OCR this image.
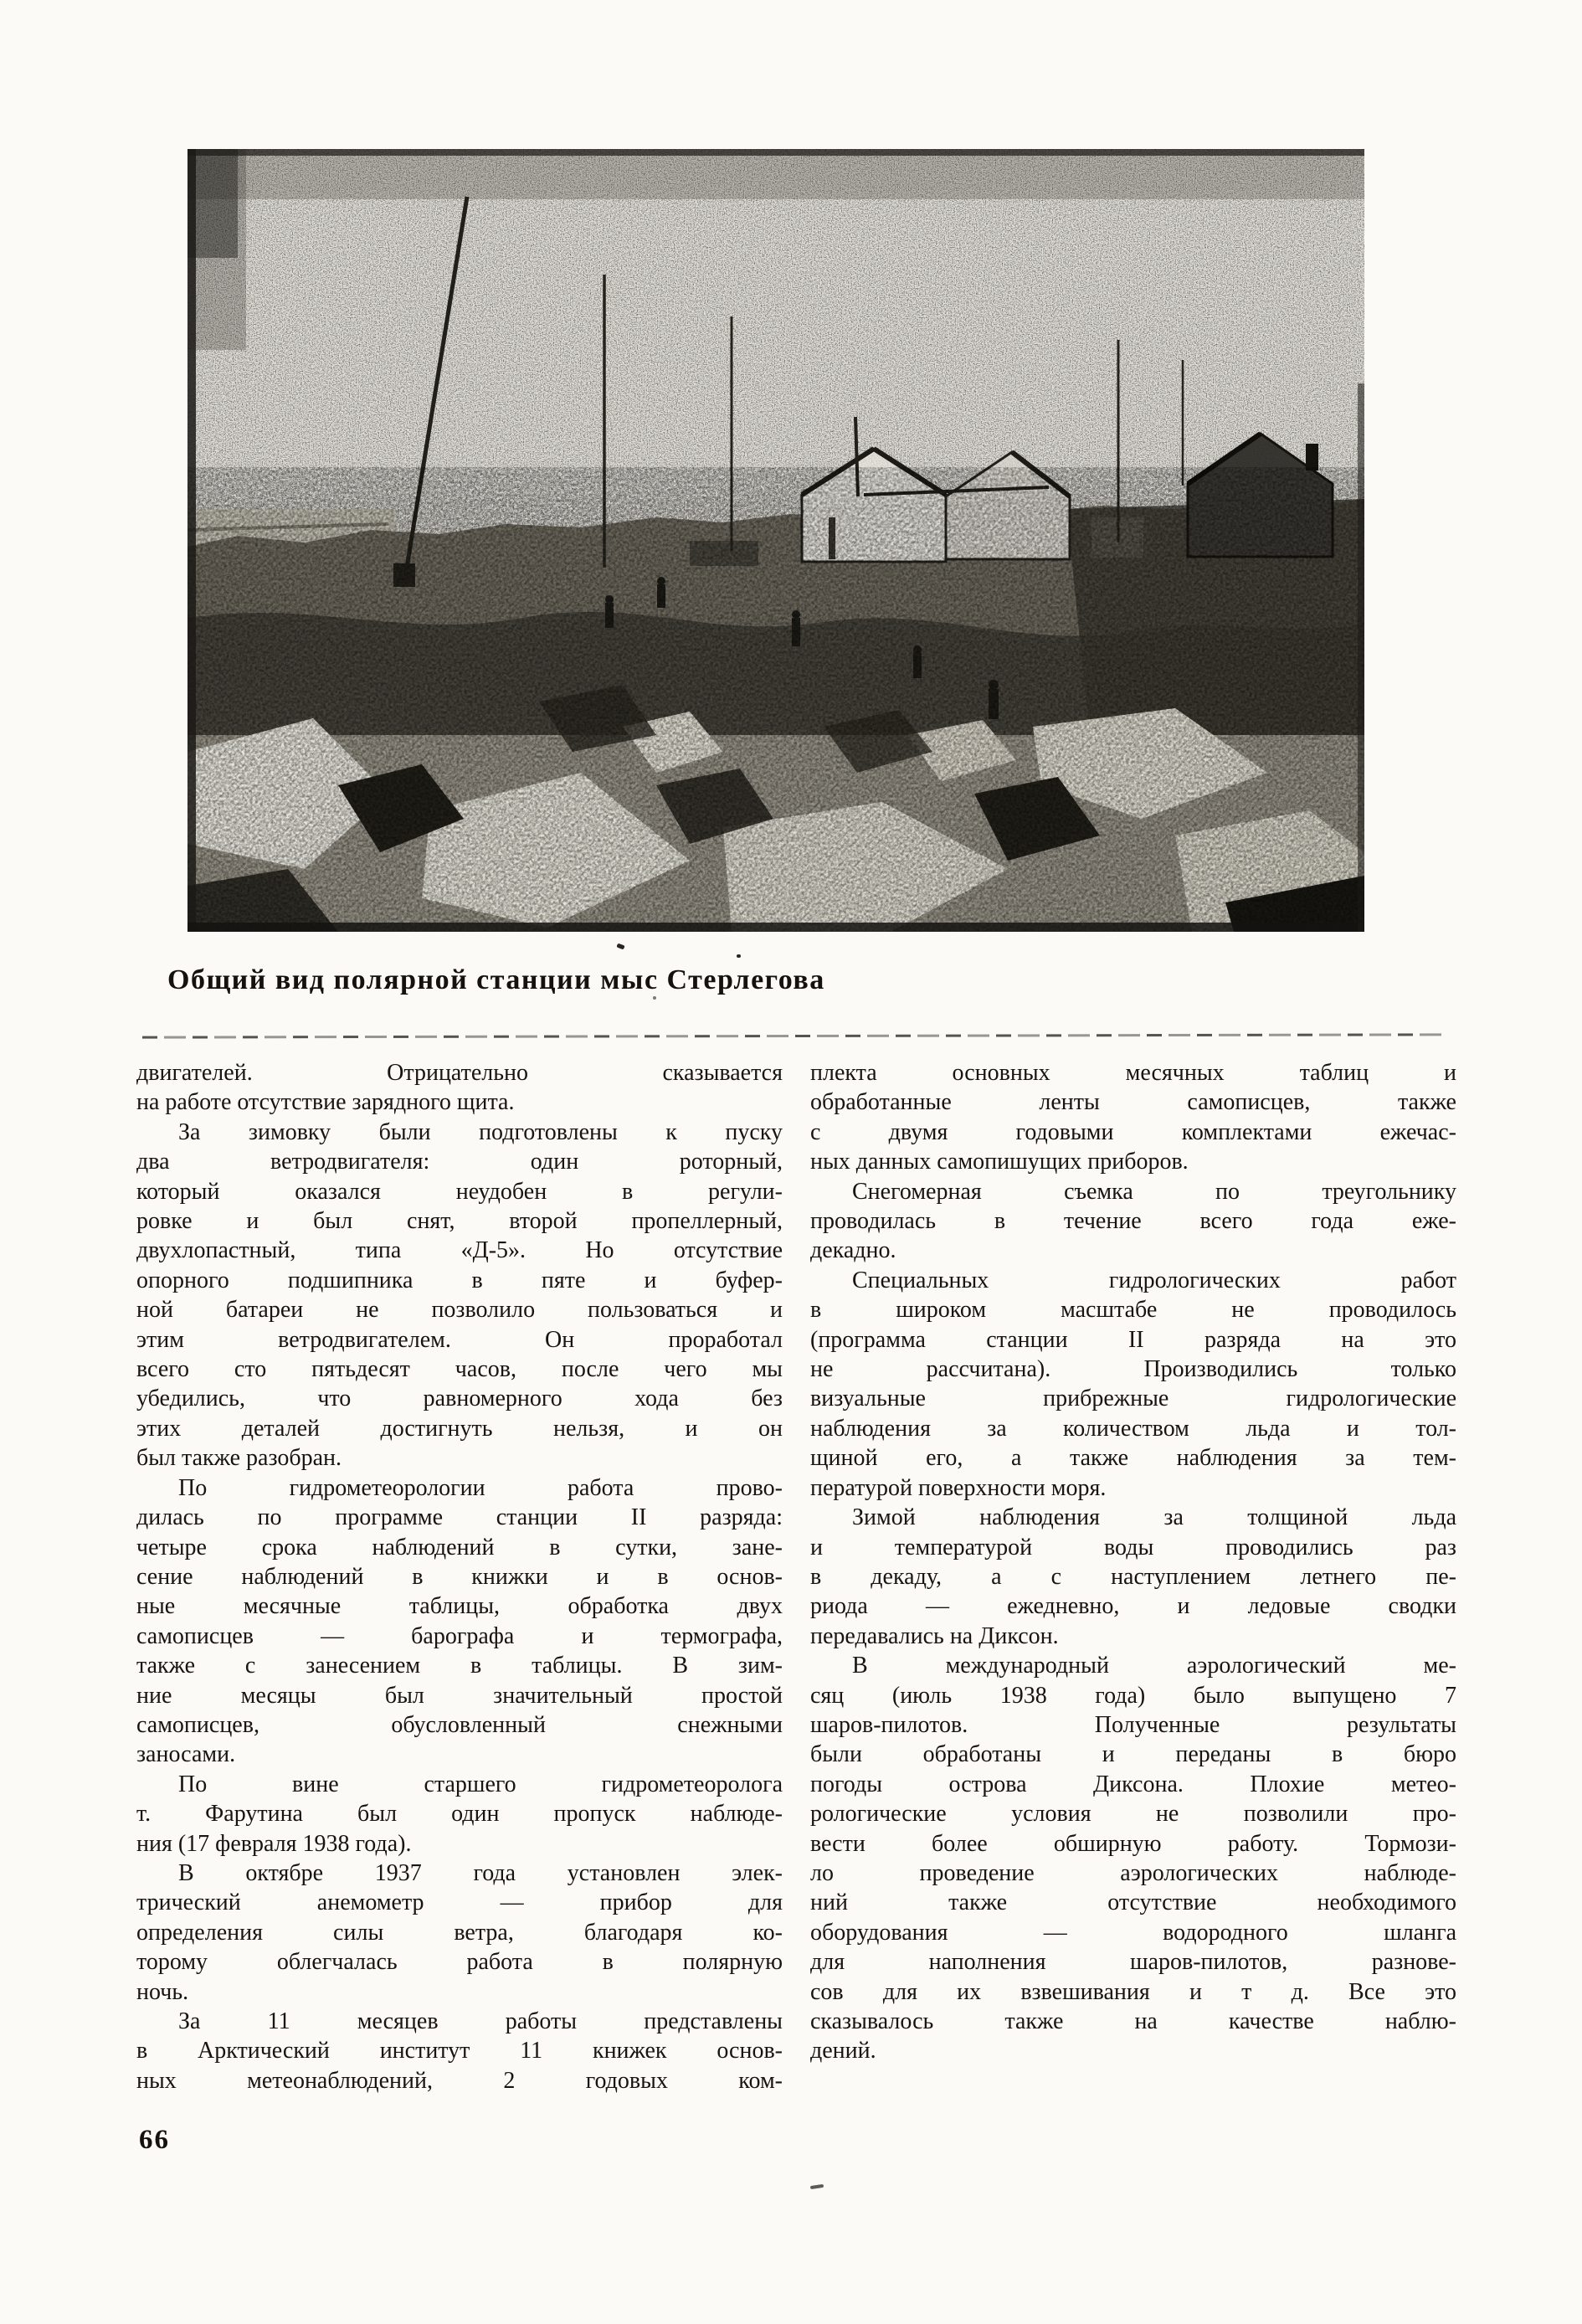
Общий вид полярной станции мыс Стерлегова
двигателей. Отрицательно сказывается
на работе отсутствие зарядного щита.
За зимовку были подготовлены к пуску
два ветродвигателя: один роторный,
который оказался неудобен в регули-
ровке и был снят, второй пропеллерный,
двухлопастный, типа «Д-5». Но отсутствие
опорного подшипника в пяте и буфер-
ной батареи не позволило пользоваться и
этим ветродвигателем. Он проработал
всего сто пятьдесят часов, после чего мы
убедились, что равномерного хода без
этих деталей достигнуть нельзя, и он
был также разобран.
По гидрометеорологии работа прово-
дилась по программе станции II разряда:
четыре срока наблюдений в сутки, зане-
сение наблюдений в книжки и в основ-
ные месячные таблицы, обработка двух
самописцев — барографа и термографа,
также с занесением в таблицы. В зим-
ние месяцы был значительный простой
самописцев, обусловленный снежными
заносами.
По вине старшего гидрометеоролога
т. Фарутина был один пропуск наблюде-
ния (17 февраля 1938 года).
В октябре 1937 года установлен элек-
трический анемометр — прибор для
определения силы ветра, благодаря ко-
торому облегчалась работа в полярную
ночь.
За 11 месяцев работы представлены
в Арктический институт 11 книжек основ-
ных метеонаблюдений, 2 годовых ком-
плекта основных месячных таблиц и
обработанные ленты самописцев, также
с двумя годовыми комплектами ежечас-
ных данных самопишущих приборов.
Снегомерная съемка по треугольнику
проводилась в течение всего года еже-
декадно.
Специальных гидрологических работ
в широком масштабе не проводилось
(программа станции II разряда на это
не рассчитана). Производились только
визуальные прибрежные гидрологические
наблюдения за количеством льда и тол-
щиной его, а также наблюдения за тем-
пературой поверхности моря.
Зимой наблюдения за толщиной льда
и температурой воды проводились раз
в декаду, а с наступлением летнего пе-
риода — ежедневно, и ледовые сводки
передавались на Диксон.
В международный аэрологический ме-
сяц (июль 1938 года) было выпущено 7
шаров-пилотов. Полученные результаты
были обработаны и переданы в бюро
погоды острова Диксона. Плохие метео-
рологические условия не позволили про-
вести более обширную работу. Тормози-
ло проведение аэрологических наблюде-
ний также отсутствие необходимого
оборудования — водородного шланга
для наполнения шаров-пилотов, разнове-
сов для их взвешивания и т д. Все это
сказывалось также на качестве наблю-
дений.
66
